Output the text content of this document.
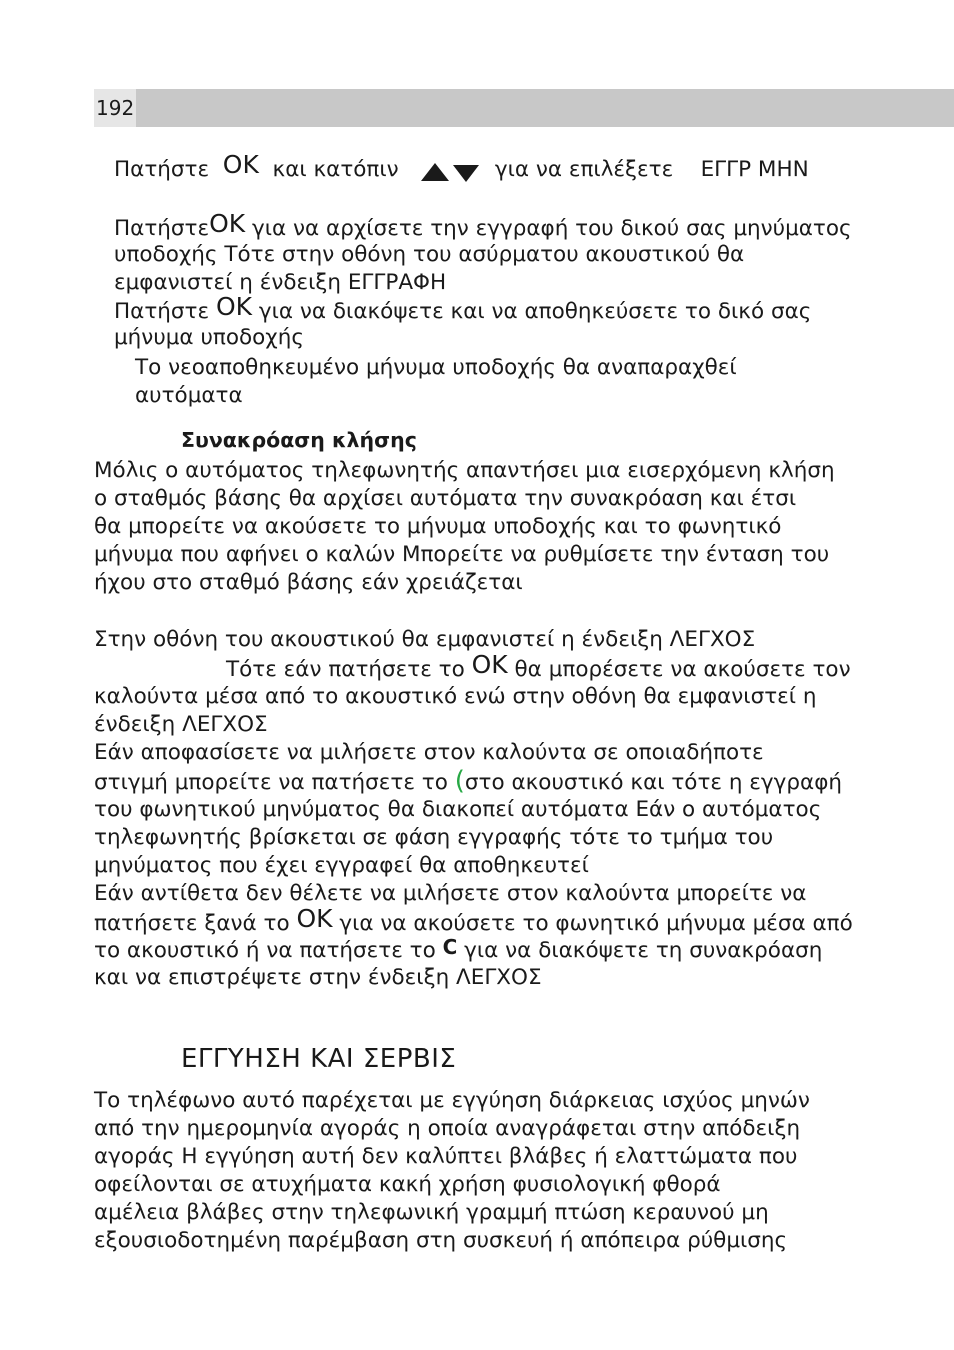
192
Πατήστε OK και κατόπιν	για να επιλέξετε ΕΓΓΡ ΜΗΝ
ΠατήστεOK για να αρχίσετε την εγγραφή του δικού σας μηνύματος
υποδοχής Τότε στην οθόνη του ασύρματου ακουστικού θα
εμφανιστεί η ένδειξη ΕΓΓΡΑΦΗ
Πατήστε OK για να διακόψετε και να αποθηκεύσετε το δικό σας
μήνυμα υποδοχής
Το νεοαποθηκευμένο μήνυμα υποδοχής θα αναπαραχθεί
αυτόματα
Συνακρόαση κλήσης
Μόλις ο αυτόματος τηλεφωνητής απαντήσει μια εισερχόμενη κλήση
ο σταθμός βάσης θα αρχίσει αυτόματα την συνακρόαση και έτσι
θα μπορείτε να ακούσετε το μήνυμα υποδοχής και το φωνητικό
μήνυμα που αφήνει ο καλών Μπορείτε να ρυθμίσετε την ένταση του
ήχου στο σταθμό βάσης εάν χρειάζεται
Στην οθόνη του ακουστικού θα εμφανιστεί η ένδειξη ΛΕΓΧΟΣ
Τότε εάν πατήσετε το OK θα μπορέσετε να ακούσετε τον
καλούντα μέσα από το ακουστικό ενώ στην οθόνη θα εμφανιστεί η
ένδειξη ΛΕΓΧΟΣ
Εάν αποφασίσετε να μιλήσετε στον καλούντα σε οποιαδήποτε
στιγμή μπορείτε να πατήσετε το (στο ακουστικό και τότε η εγγραφή
του φωνητικού μηνύματος θα διακοπεί αυτόματα Εάν ο αυτόματος
τηλεφωνητής βρίσκεται σε φάση εγγραφής τότε το τμήμα του
μηνύματος που έχει εγγραφεί θα αποθηκευτεί
Εάν αντίθετα δεν θέλετε να μιλήσετε στον καλούντα μπορείτε να
πατήσετε ξανά το OK για να ακούσετε το φωνητικό μήνυμα μέσα από
το ακουστικό ή να πατήσετε το C για να διακόψετε τη συνακρόαση
και να επιστρέψετε στην ένδειξη ΛΕΓΧΟΣ
ΕΓΓΥΗΣΗ ΚΑΙ ΣΕΡΒΙΣ
Το τηλέφωνο αυτό παρέχεται με εγγύηση διάρκειας ισχύος μηνών
από την ημερομηνία αγοράς η οποία αναγράφεται στην απόδειξη
αγοράς Η εγγύηση αυτή δεν καλύπτει βλάβες ή ελαττώματα που
οφείλονται σε ατυχήματα κακή χρήση φυσιολογική φθορά
αμέλεια βλάβες στην τηλεφωνική γραμμή πτώση κεραυνού μη
εξουσιοδοτημένη παρέμβαση στη συσκευή ή απόπειρα ρύθμισης
